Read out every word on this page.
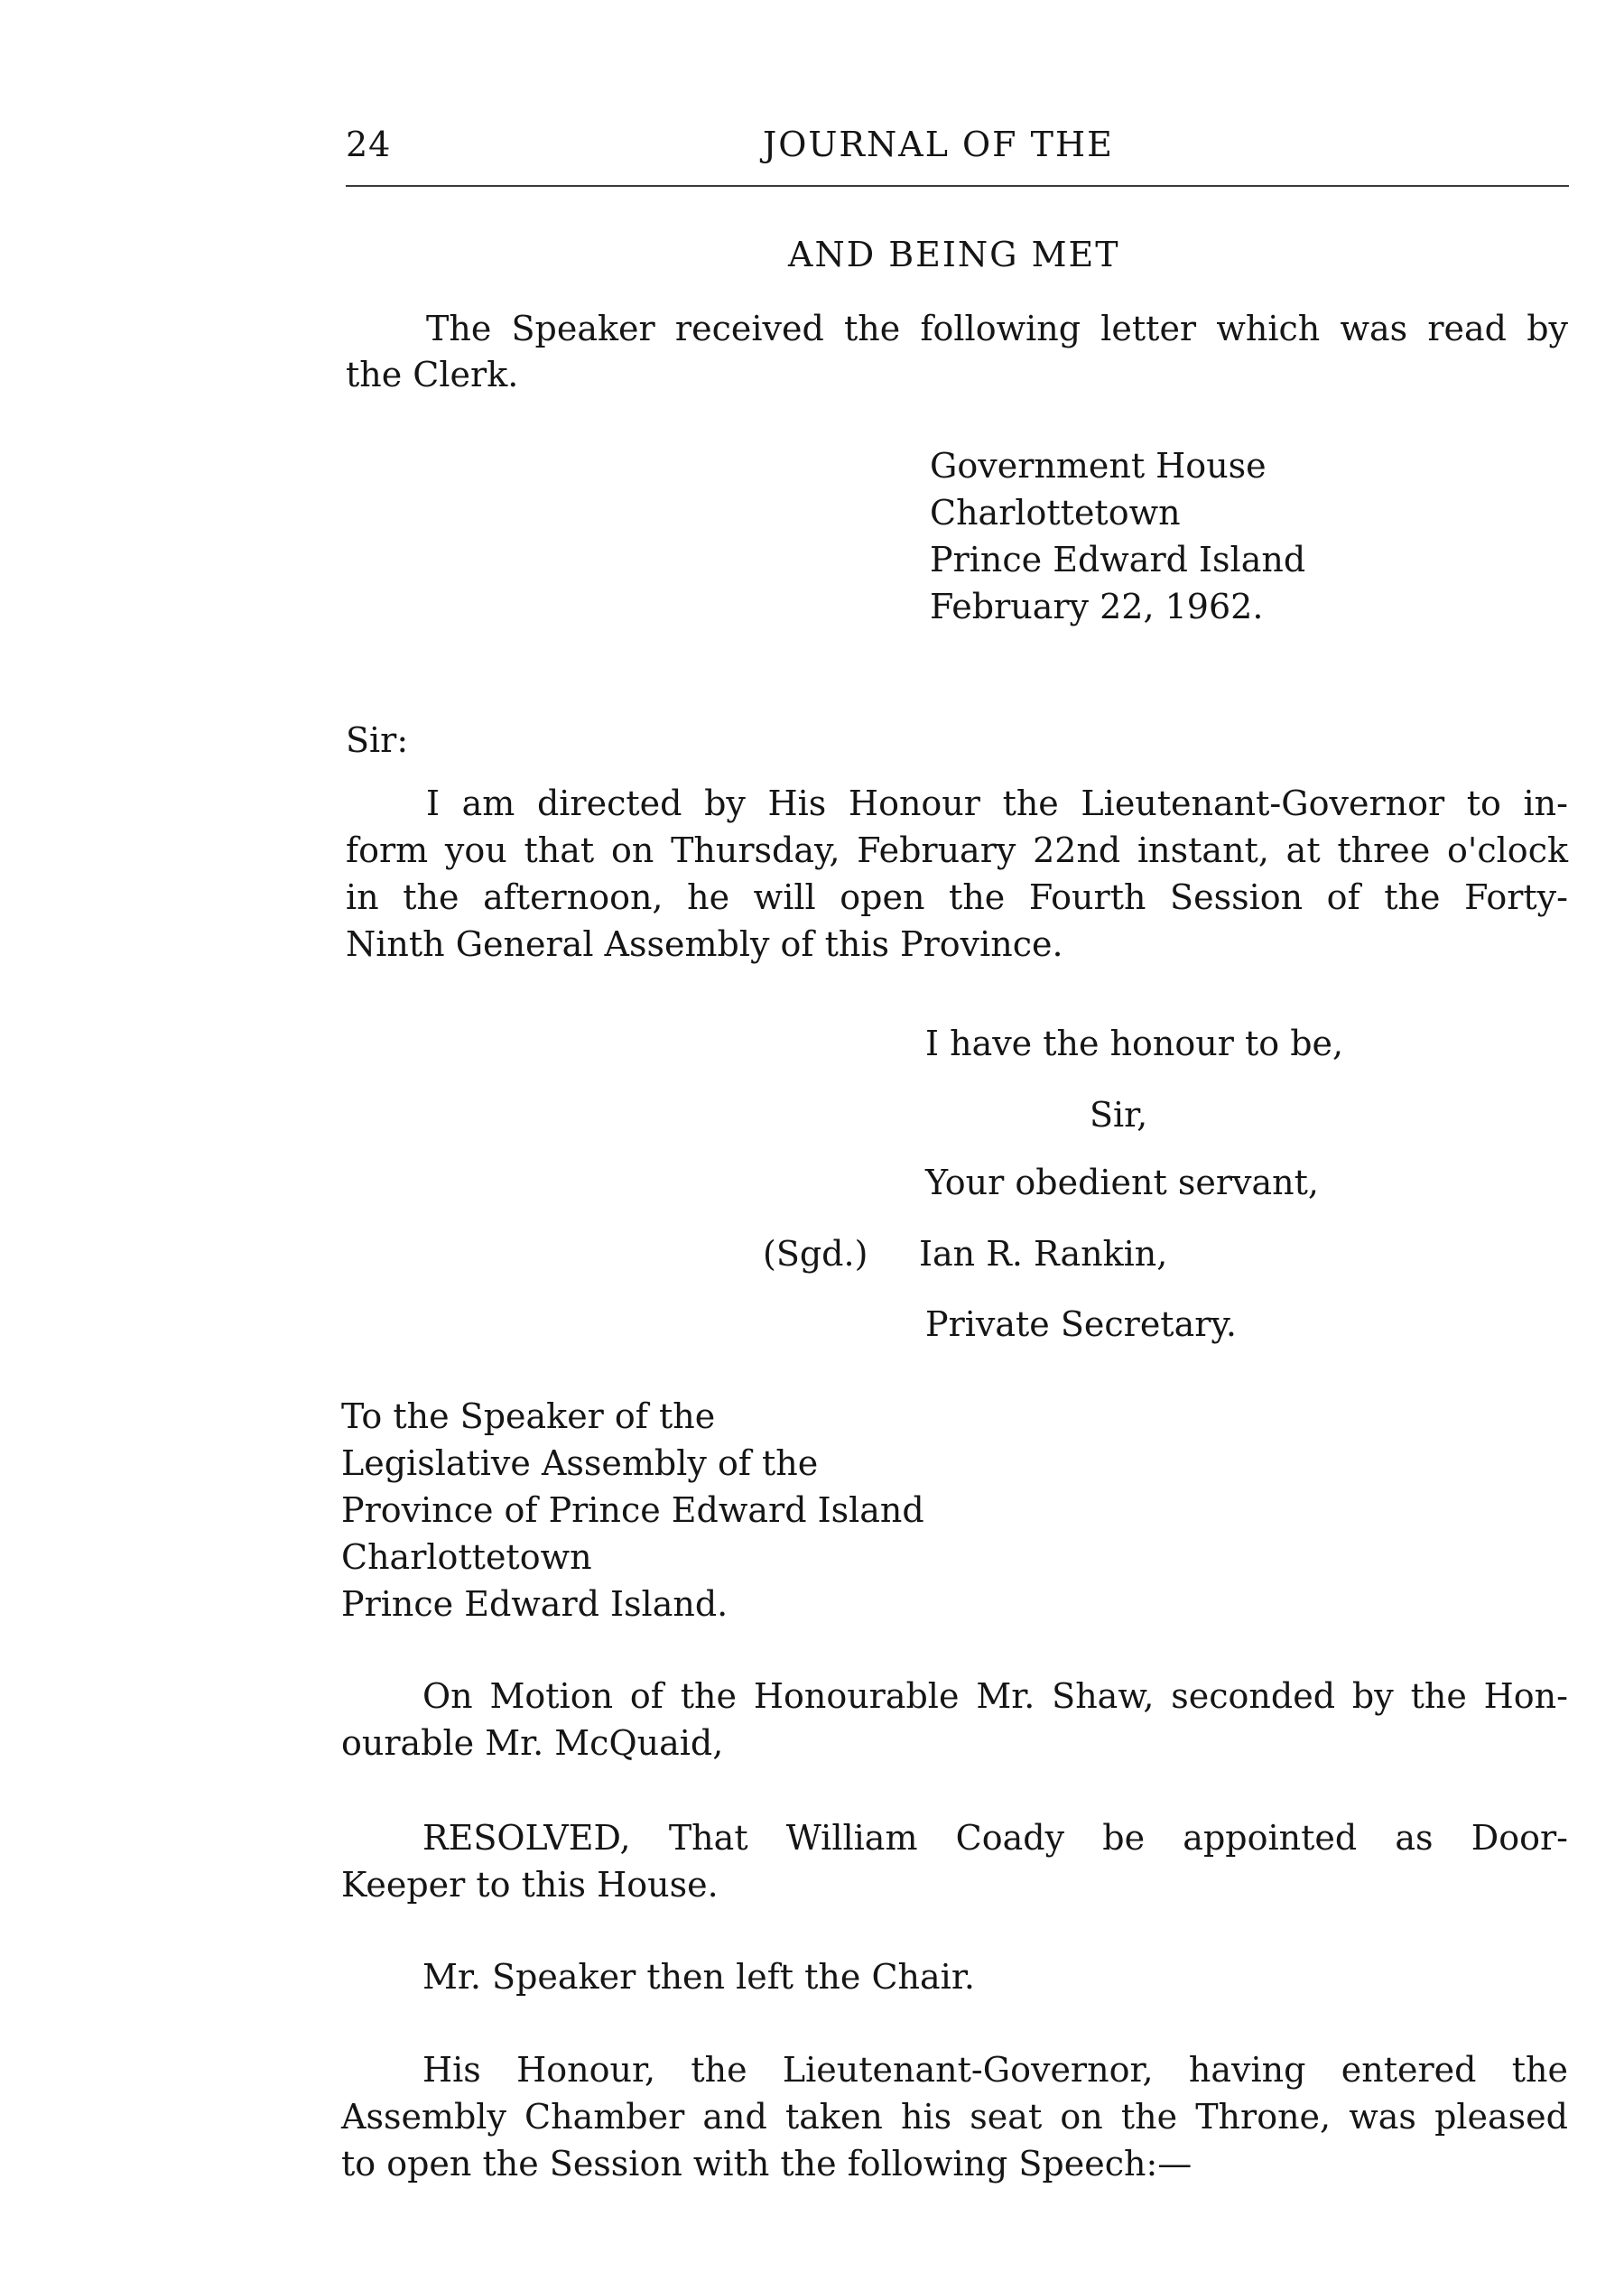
24	JOURNAL OF THE
AND BEING MET
The Speaker received the following letter which was read by
the Clerk.
Government House
Charlottetown
Prince Edward Island
February 22, 1962.
Sir:
I am directed by His Honour the Lieutenant-Governor to in-
form you that on Thursday, February 22nd instant, at three o'clock
in the afternoon, he will open the Fourth Session of the Forty-
Ninth General Assembly of this Province.
I have the honour to be,
Sir,
Your obedient servant,
(Sgd.) Ian R. Rankin,
Private Secretary.
To the Speaker of the
Legislative Assembly of the
Province of Prince Edward Island
Charlottetown
Prince Edward Island.
On Motion of the Honourable Mr. Shaw, seconded by the Hon-
ourable Mr. McQuaid,
RESOLVED, That William Coady be appointed as Door-
Keeper to this House.
Mr. Speaker then left the Chair.
His Honour, the Lieutenant-Governor, having entered the
Assembly Chamber and taken his seat on the Throne, was pleased
to open the Session with the following Speech:—
